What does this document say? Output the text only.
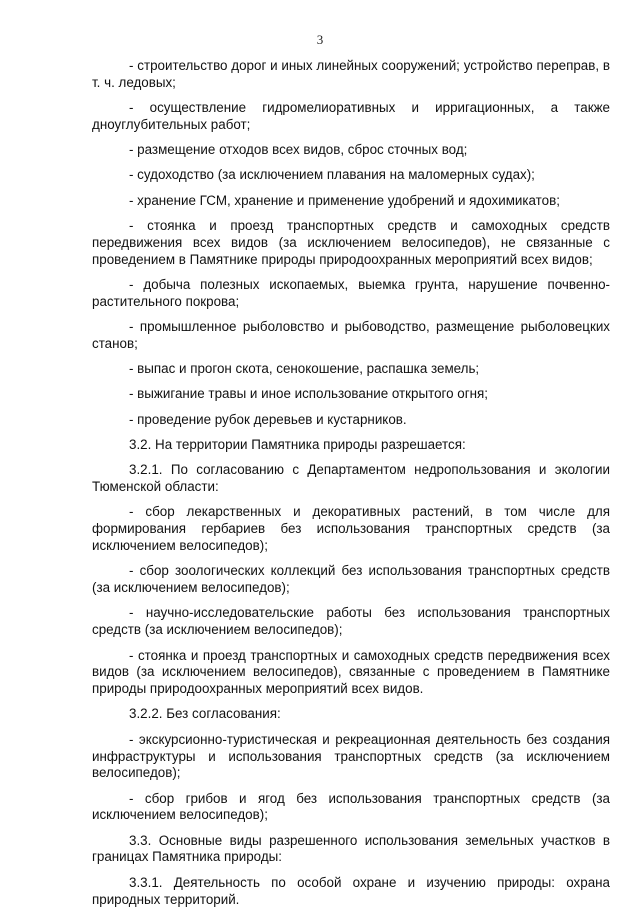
3

- строительство дорог и иных линейных сооружений; устройство переправ, в т. ч. ледовых;

- осуществление гидромелиоративных и ирригационных, а также дноуглубительных работ;

- размещение отходов всех видов, сброс сточных вод;

- судоходство (за исключением плавания на маломерных судах);

- хранение ГСМ, хранение и применение удобрений и ядохимикатов;

- стоянка и проезд транспортных средств и самоходных средств передвижения всех видов (за исключением велосипедов), не связанные с проведением в Памятнике природы природоохранных мероприятий всех видов;

- добыча полезных ископаемых, выемка грунта, нарушение почвенно-растительного покрова;

- промышленное рыболовство и рыбоводство, размещение рыболовецких станов;

- выпас и прогон скота, сенокошение, распашка земель;

- выжигание травы и иное использование открытого огня;

- проведение рубок деревьев и кустарников.

3.2. На территории Памятника природы разрешается:

3.2.1. По согласованию с Департаментом недропользования и экологии Тюменской области:

- сбор лекарственных и декоративных растений, в том числе для формирования гербариев без использования транспортных средств (за исключением велосипедов);

- сбор зоологических коллекций без использования транспортных средств (за исключением велосипедов);

- научно-исследовательские работы без использования транспортных средств (за исключением велосипедов);

- стоянка и проезд транспортных и самоходных средств передвижения всех видов (за исключением велосипедов), связанные с проведением в Памятнике природы природоохранных мероприятий всех видов.

3.2.2. Без согласования:

- экскурсионно-туристическая и рекреационная деятельность без создания инфраструктуры и использования транспортных средств (за исключением велосипедов);

- сбор грибов и ягод без использования транспортных средств (за исключением велосипедов);

3.3. Основные виды разрешенного использования земельных участков в границах Памятника природы:

3.3.1. Деятельность по особой охране и изучению природы: охрана природных территорий.
